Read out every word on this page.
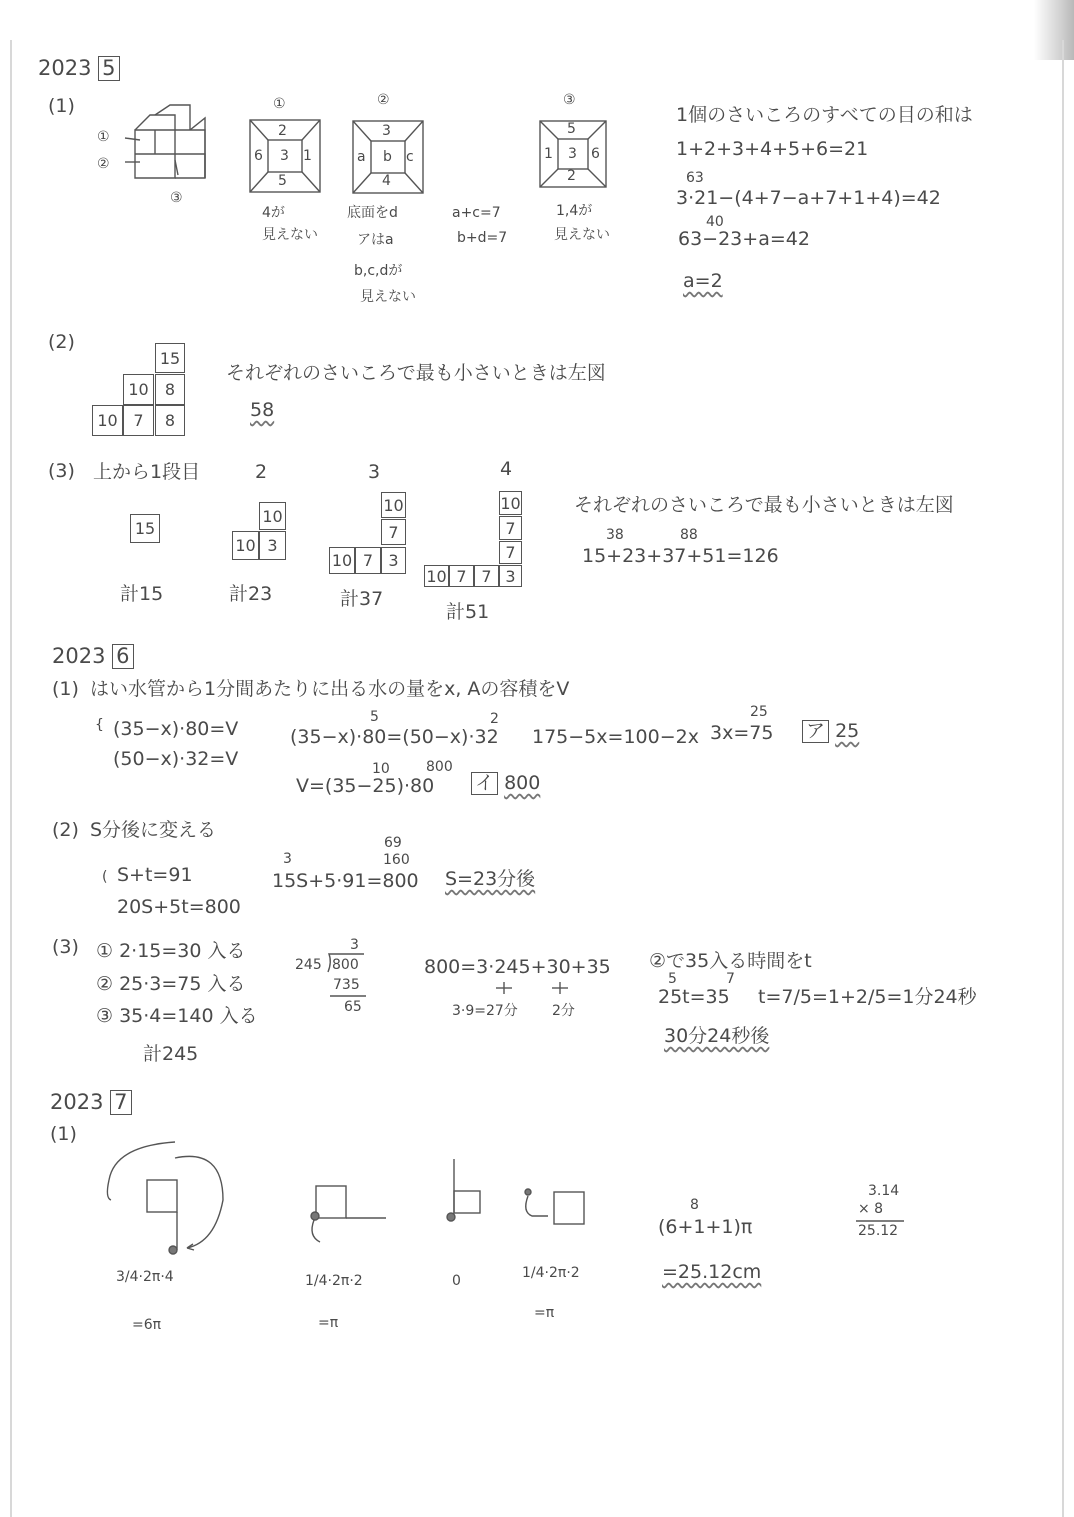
2023 5
(1)
①
②
③
①
2
6 3 1
5
4が
見えない
②
3
a b c
4
底面をd
アはa
b,c,dが
見えない
a+c=7
b+d=7
③
5
1 3 6
2
1,4が
見えない
1個のさいころのすべての目の和は
1+2+3+4+5+6=21
63
3·21−(4+7−a+7+1+4)=42
40
63−23+a=42
a=2
(2)
15
10	8
10 7	8
それぞれのさいころで最も小さいときは左図
58
(3) 上から1段目	2	3	4
15
10
10 3
10
7
10 7 3
10
7
7
10 7 7 3
計15	計23	計37
計51
それぞれのさいころで最も小さいときは左図
38	88
15+23+37+51=126
2023 6
(1) はい水管から1分間あたりに出る水の量をx, Aの容積をV
{ (35−x)·80=V
(50−x)·32=V
5	2
(35−x)·80=(50−x)·32 175−5x=100−2x
25
3x=75 ア 25
10	800
V=(35−25)·80 イ 800
(2) S分後に変える
( S+t=91
20S+5t=800
3
69
160
15S+5·91=800 S=23分後
(3) ① 2·15=30 入る
② 25·3=75 入る
③ 35·4=140 入る
計245
3
245 800
735
65
800=3·245+30+35
3·9=27分 2分
②で35入る時間をt
5	7
25t=35 t=7/5=1+2/5=1分24秒
30分24秒後
2023 7
(1)
3/4·2π·4
=6π
1/4·2π·2
=π
0	1/4·2π·2
=π
8
(6+1+1)π
=25.12cm
3.14
× 8
25.12
